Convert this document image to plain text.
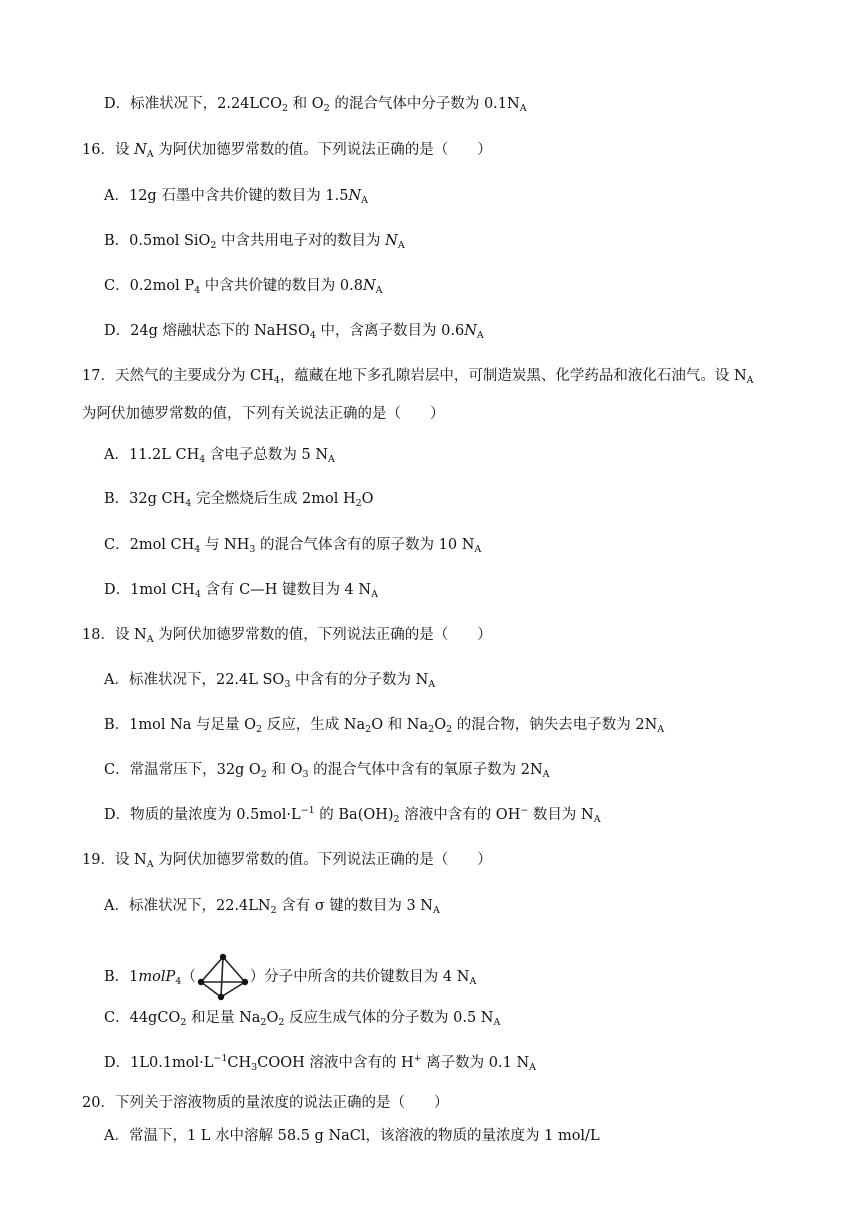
D．标准状况下，$2.24LCO_2$ 和 $O_2$ 的混合气体中分子数为 $0.1N_A$
16．设 $N_A$ 为阿伏加德罗常数的值。下列说法正确的是（　　）
A．12g 石墨中含共价键的数目为 $1.5N_A$
B．0.5mol SiO$_2$ 中含共用电子对的数目为 $N_A$
C．0.2mol $P_4$ 中含共价键的数目为 $0.8N_A$
D．24g 熔融状态下的 NaHSO$_4$ 中，含离子数目为 $0.6N_A$
17．天然气的主要成分为 $CH_4$，蕴藏在地下多孔隙岩层中，可制造炭黑、化学药品和液化石油气。设 $N_A$
为阿伏加德罗常数的值，下列有关说法正确的是（　　）
A．11.2L $CH_4$ 含电子总数为 5 $N_A$
B．32g $CH_4$ 完全燃烧后生成 2mol $H_2O$
C．2mol $CH_4$ 与 $NH_3$ 的混合气体含有的原子数为 10 $N_A$
D．1mol $CH_4$ 含有 C—H 键数目为 4 $N_A$
18．设 $N_A$ 为阿伏加德罗常数的值，下列说法正确的是（　　）
A．标准状况下，22.4L $SO_3$ 中含有的分子数为 $N_A$
B．1mol Na 与足量 $O_2$ 反应，生成 $Na_2O$ 和 $Na_2O_2$ 的混合物，钠失去电子数为 $2N_A$
C．常温常压下，32g $O_2$ 和 $O_3$ 的混合气体中含有的氧原子数为 $2N_A$
D．物质的量浓度为 $0.5mol\cdot L^{-1}$ 的 $Ba(OH)_2$ 溶液中含有的 OH− 数目为 $N_A$
19．设 $N_A$ 为阿伏加德罗常数的值。下列说法正确的是（　　）
A．标准状况下，$22.4LN_2$ 含有 σ 键的数目为 3 $N_A$
B．1molP$_4$（	）分子中所含的共价键数目为 4 $N_A$
C．44gCO$_2$ 和足量 $Na_2O_2$ 反应生成气体的分子数为 0.5 $N_A$
D．$1L0.1mol\cdot L^{-1}CH_3COOH$ 溶液中含有的 H+ 离子数为 0.1 $N_A$
20．下列关于溶液物质的量浓度的说法正确的是（　　）
A．常温下，1 L 水中溶解 58.5 g NaCl，该溶液的物质的量浓度为 1 mol/L
